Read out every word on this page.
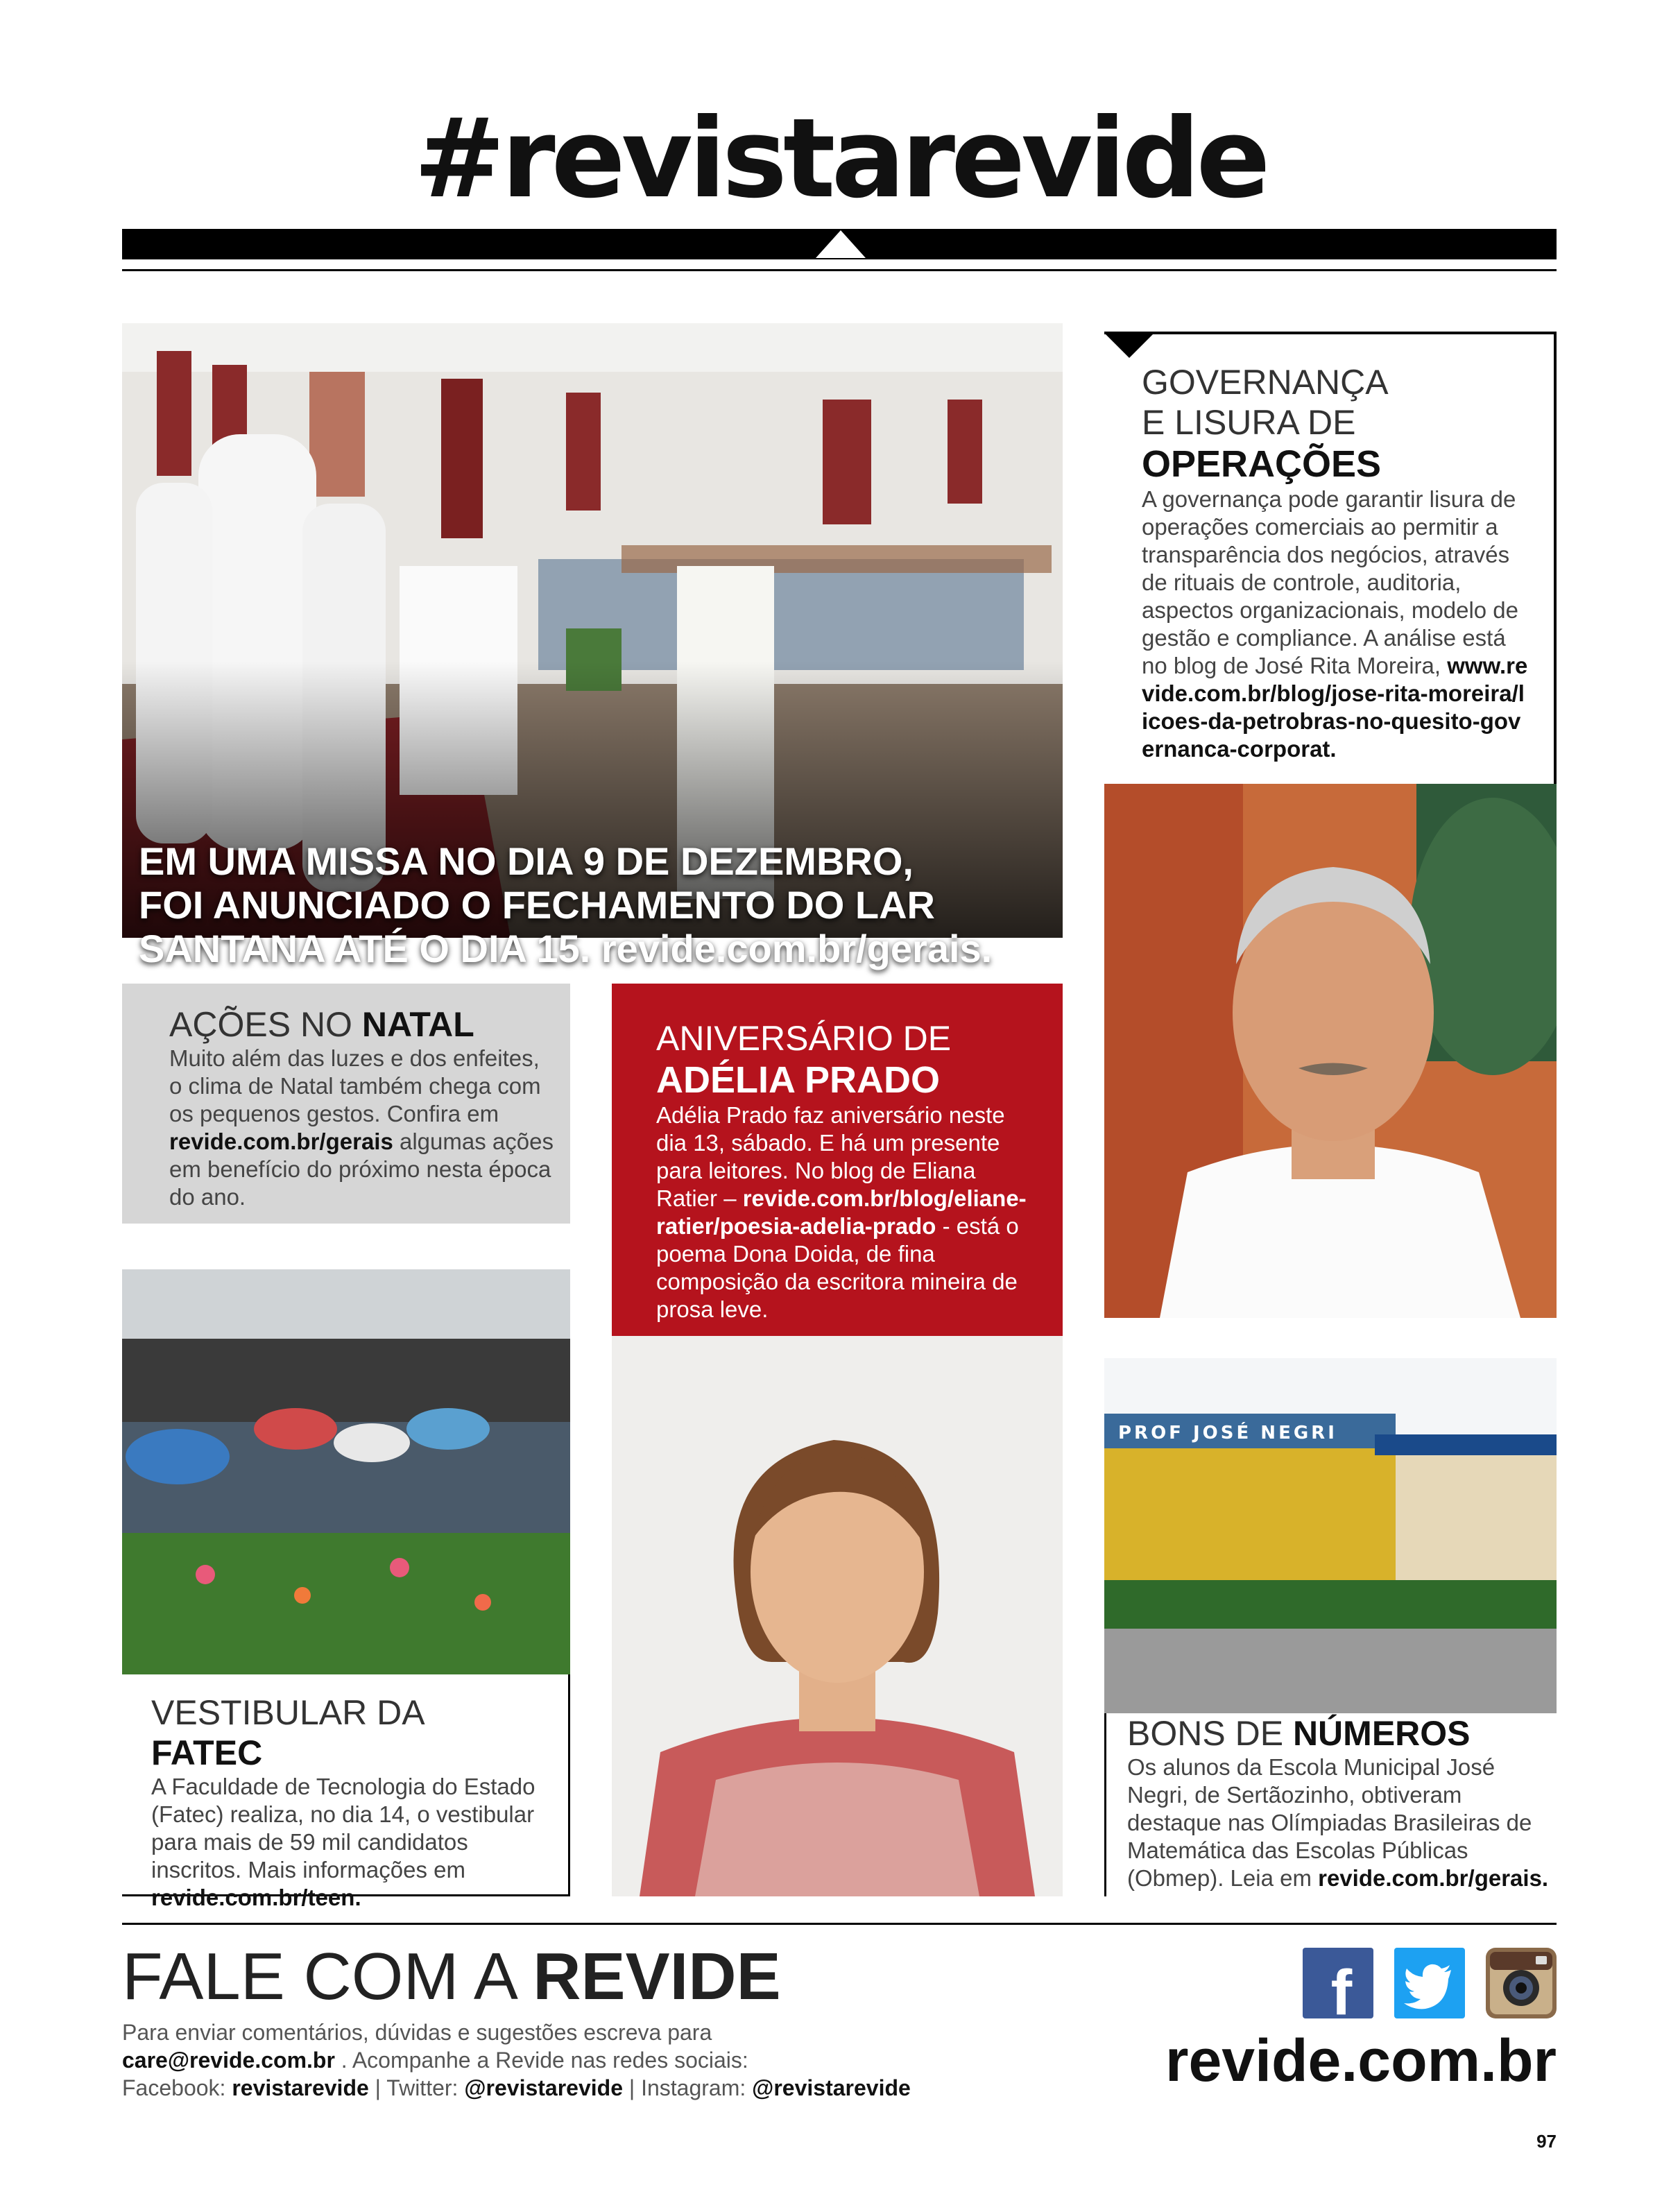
#revistarevide
EM UMA MISSA NO DIA 9 DE DEZEMBRO,
FOI ANUNCIADO O FECHAMENTO DO LAR
SANTANA ATÉ O DIA 15. revide.com.br/gerais.
GOVERNANÇA
E LISURA DE
OPERAÇÕES
A governança pode garantir lisura de operações comerciais ao permitir a transparência dos negócios, através de rituais de controle, auditoria, aspectos organizacionais, modelo de gestão e compliance. A análise está no blog de José Rita Moreira, www.revide.com.br/blog/jose-rita-moreira/licoes-da-petrobras-no-quesito-governanca-corporat.
AÇÕES NO NATAL
Muito além das luzes e dos enfeites, o clima de Natal também chega com os pequenos gestos. Confira em revide.com.br/gerais algumas ações em benefício do próximo nesta época do ano.
ANIVERSÁRIO DE
ADÉLIA PRADO
Adélia Prado faz aniversário neste dia 13, sábado. E há um presente para leitores. No blog de Eliana Ratier – revide.com.br/blog/eliane-ratier/poesia-adelia-prado - está o poema Dona Doida, de fina composição da escritora mineira de prosa leve.
VESTIBULAR DA FATEC
A Faculdade de Tecnologia do Estado (Fatec) realiza, no dia 14, o vestibular para mais de 59 mil candidatos inscritos. Mais informações em revide.com.br/teen.
PROF JOSÉ NEGRI
BONS DE NÚMEROS
Os alunos da Escola Municipal José Negri, de Sertãozinho, obtiveram destaque nas Olímpiadas Brasileiras de Matemática das Escolas Públicas (Obmep). Leia em revide.com.br/gerais.
FALE COM A REVIDE
Para enviar comentários, dúvidas e sugestões escreva para
care@revide.com.br . Acompanhe a Revide nas redes sociais:
Facebook: revistarevide | Twitter: @revistarevide | Instagram: @revistarevide
f
revide.com.br
97
